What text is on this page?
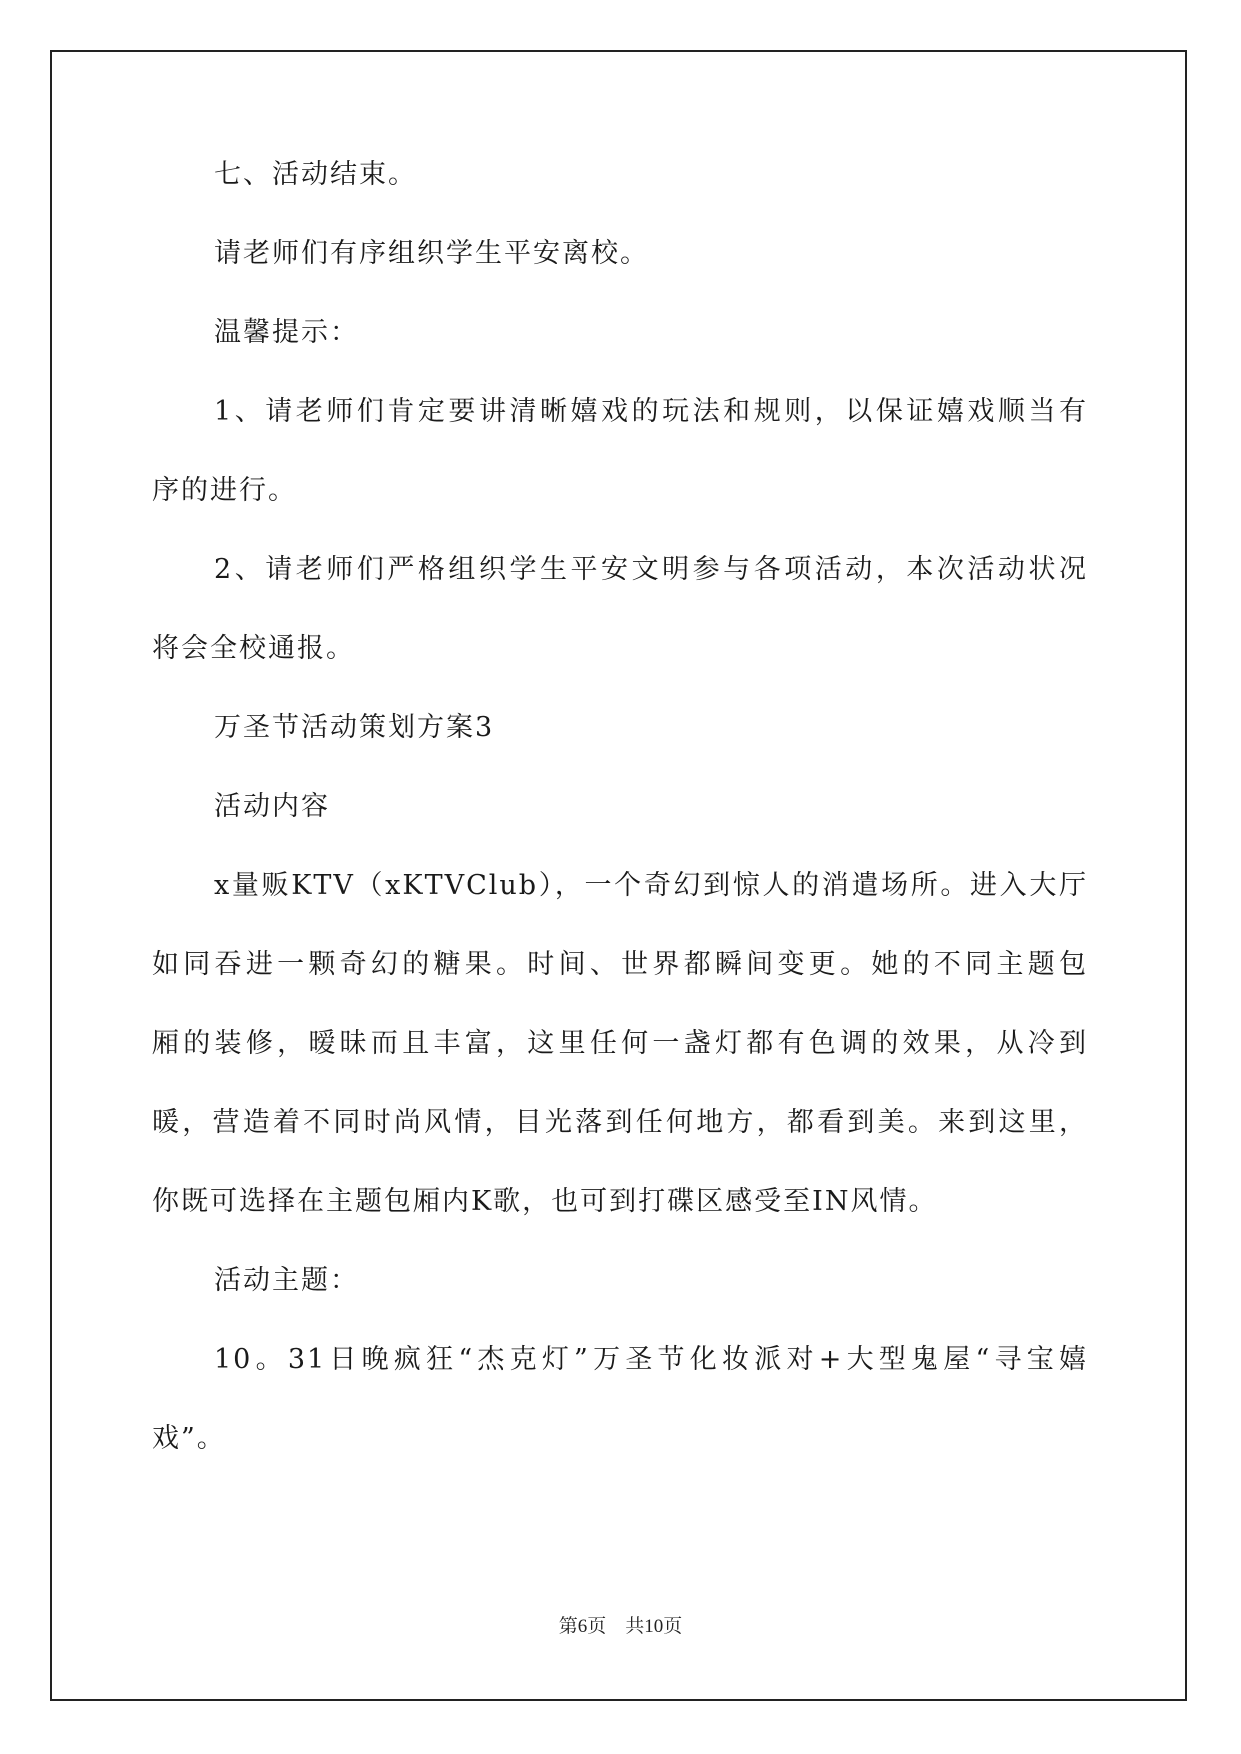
七、活动结束。

请老师们有序组织学生平安离校。

温馨提示：

1、请老师们肯定要讲清晰嬉戏的玩法和规则，以保证嬉戏顺当有

序的进行。

2、请老师们严格组织学生平安文明参与各项活动，本次活动状况

将会全校通报。

万圣节活动策划方案3

活动内容

x量贩KTV（xKTVClub），一个奇幻到惊人的消遣场所。进入大厅

如同吞进一颗奇幻的糖果。时间、世界都瞬间变更。她的不同主题包

厢的装修，暧昧而且丰富，这里任何一盏灯都有色调的效果，从冷到

暖，营造着不同时尚风情，目光落到任何地方，都看到美。来到这里，

你既可选择在主题包厢内K歌，也可到打碟区感受至IN风情。

活动主题：

10。31日晚疯狂“杰克灯”万圣节化妆派对+大型鬼屋“寻宝嬉

戏”。

第6页　共10页
